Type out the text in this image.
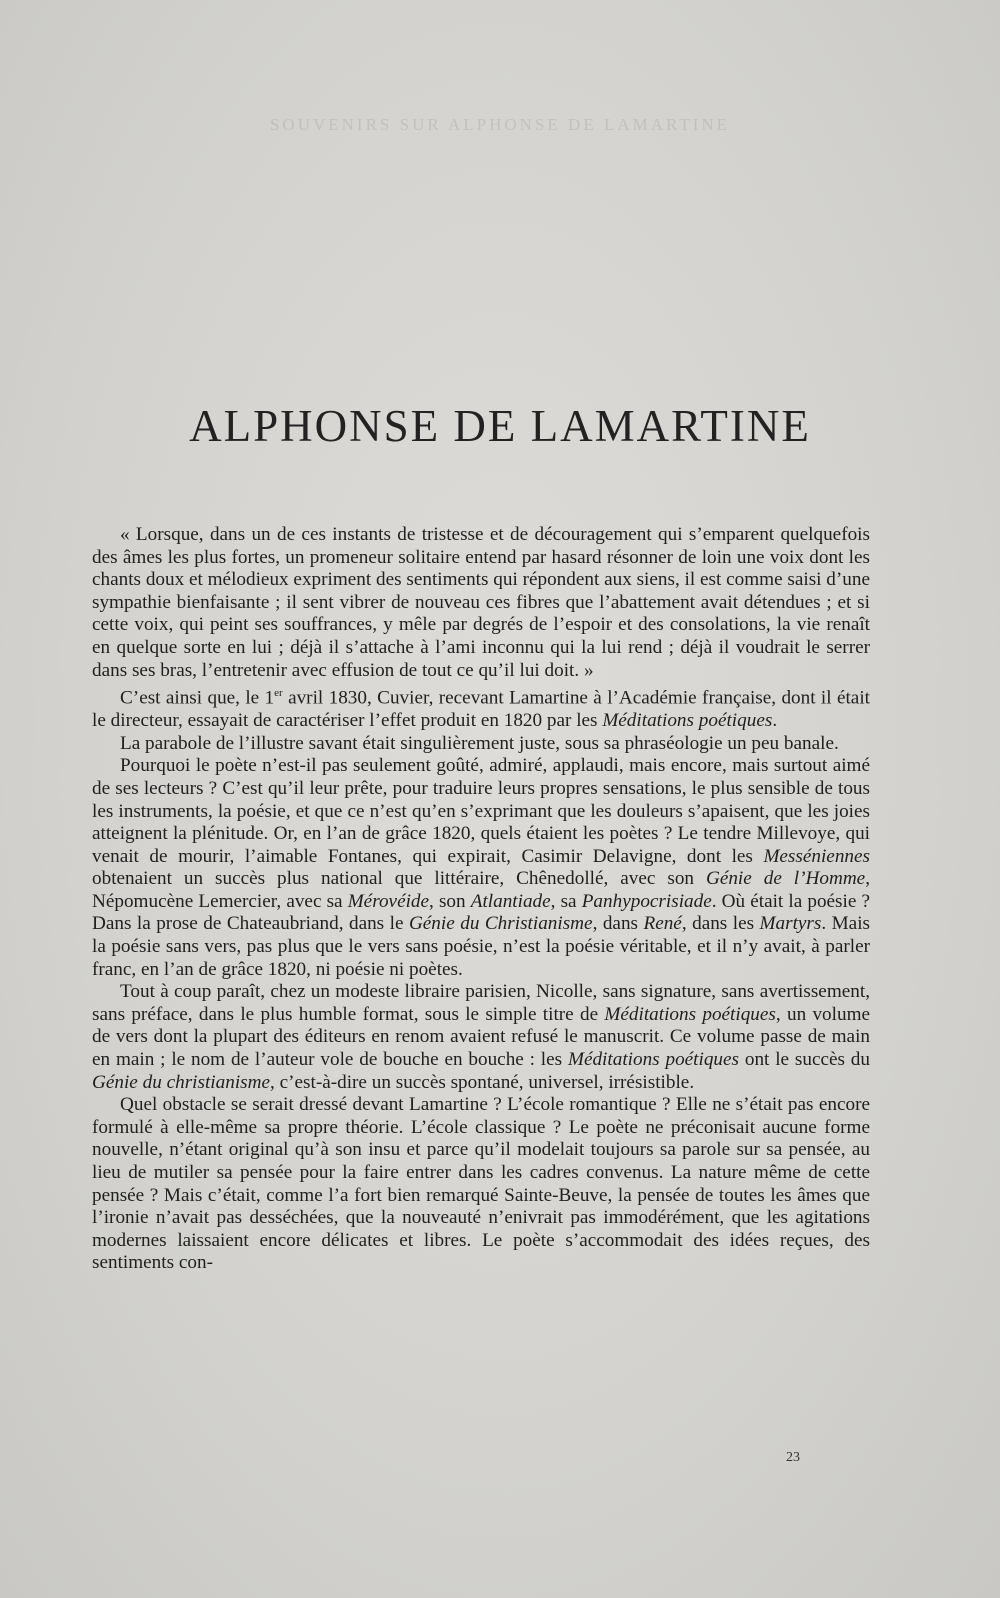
SOUVENIRS SUR ALPHONSE DE LAMARTINE
ALPHONSE DE LAMARTINE

« Lorsque, dans un de ces instants de tristesse et de découragement qui s’emparent quelquefois des âmes les plus fortes, un promeneur solitaire entend par hasard résonner de loin une voix dont les chants doux et mélodieux expriment des sentiments qui répondent aux siens, il est comme saisi d’une sympathie bienfaisante ; il sent vibrer de nouveau ces fibres que l’abattement avait détendues ; et si cette voix, qui peint ses souffrances, y mêle par degrés de l’espoir et des consolations, la vie renaît en quelque sorte en lui ; déjà il s’attache à l’ami inconnu qui la lui rend ; déjà il voudrait le serrer dans ses bras, l’entretenir avec effusion de tout ce qu’il lui doit. »

C’est ainsi que, le 1er avril 1830, Cuvier, recevant Lamartine à l’Académie française, dont il était le directeur, essayait de caractériser l’effet produit en 1820 par les Méditations poétiques.

La parabole de l’illustre savant était singulièrement juste, sous sa phraséologie un peu banale.

Pourquoi le poète n’est-il pas seulement goûté, admiré, applaudi, mais encore, mais surtout aimé de ses lecteurs ? C’est qu’il leur prête, pour traduire leurs propres sensations, le plus sensible de tous les instruments, la poésie, et que ce n’est qu’en s’exprimant que les douleurs s’apaisent, que les joies atteignent la plénitude. Or, en l’an de grâce 1820, quels étaient les poètes ? Le tendre Millevoye, qui venait de mourir, l’aimable Fontanes, qui expirait, Casimir Delavigne, dont les Messéniennes obtenaient un succès plus national que littéraire, Chênedollé, avec son Génie de l’Homme, Népomucène Lemercier, avec sa Mérovéide, son Atlantiade, sa Panhypocrisiade. Où était la poésie ? Dans la prose de Chateaubriand, dans le Génie du Christianisme, dans René, dans les Martyrs. Mais la poésie sans vers, pas plus que le vers sans poésie, n’est la poésie véritable, et il n’y avait, à parler franc, en l’an de grâce 1820, ni poésie ni poètes.

Tout à coup paraît, chez un modeste libraire parisien, Nicolle, sans signature, sans avertissement, sans préface, dans le plus humble format, sous le simple titre de Méditations poétiques, un volume de vers dont la plupart des éditeurs en renom avaient refusé le manuscrit. Ce volume passe de main en main ; le nom de l’auteur vole de bouche en bouche : les Méditations poétiques ont le succès du Génie du christianisme, c’est-à-dire un succès spontané, universel, irrésistible.

Quel obstacle se serait dressé devant Lamartine ? L’école romantique ? Elle ne s’était pas encore formulé à elle-même sa propre théorie. L’école classique ? Le poète ne préconisait aucune forme nouvelle, n’étant original qu’à son insu et parce qu’il modelait toujours sa parole sur sa pensée, au lieu de mutiler sa pensée pour la faire entrer dans les cadres convenus. La nature même de cette pensée ? Mais c’était, comme l’a fort bien remarqué Sainte-Beuve, la pensée de toutes les âmes que l’ironie n’avait pas desséchées, que la nouveauté n’enivrait pas immodérément, que les agitations modernes laissaient encore délicates et libres. Le poète s’accommodait des idées reçues, des sentiments con-

23
